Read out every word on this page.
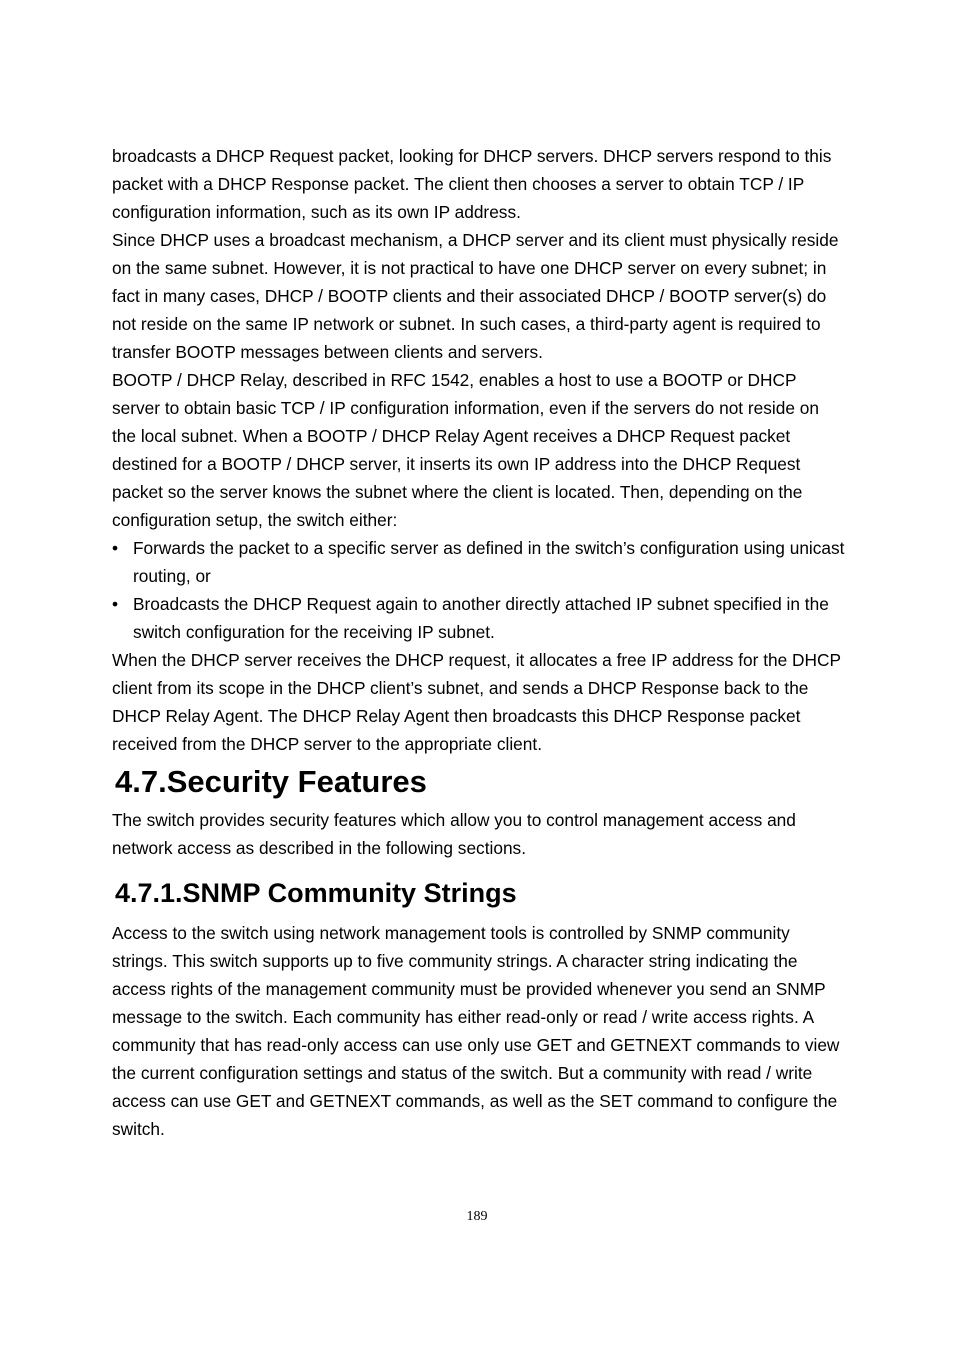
broadcasts a DHCP Request packet, looking for DHCP servers. DHCP servers respond to this packet with a DHCP Response packet. The client then chooses a server to obtain TCP / IP configuration information, such as its own IP address.

Since DHCP uses a broadcast mechanism, a DHCP server and its client must physically reside on the same subnet. However, it is not practical to have one DHCP server on every subnet; in fact in many cases, DHCP / BOOTP clients and their associated DHCP / BOOTP server(s) do not reside on the same IP network or subnet. In such cases, a third-party agent is required to transfer BOOTP messages between clients and servers.

BOOTP / DHCP Relay, described in RFC 1542, enables a host to use a BOOTP or DHCP server to obtain basic TCP / IP configuration information, even if the servers do not reside on the local subnet. When a BOOTP / DHCP Relay Agent receives a DHCP Request packet destined for a BOOTP / DHCP server, it inserts its own IP address into the DHCP Request packet so the server knows the subnet where the client is located. Then, depending on the configuration setup, the switch either:

• Forwards the packet to a specific server as defined in the switch’s configuration using unicast routing, or
• Broadcasts the DHCP Request again to another directly attached IP subnet specified in the switch configuration for the receiving IP subnet.

When the DHCP server receives the DHCP request, it allocates a free IP address for the DHCP client from its scope in the DHCP client’s subnet, and sends a DHCP Response back to the DHCP Relay Agent. The DHCP Relay Agent then broadcasts this DHCP Response packet received from the DHCP server to the appropriate client.

4.7.Security Features

The switch provides security features which allow you to control management access and network access as described in the following sections.

4.7.1.SNMP Community Strings

Access to the switch using network management tools is controlled by SNMP community strings. This switch supports up to five community strings. A character string indicating the access rights of the management community must be provided whenever you send an SNMP message to the switch. Each community has either read-only or read / write access rights. A community that has read-only access can use only use GET and GETNEXT commands to view the current configuration settings and status of the switch. But a community with read / write access can use GET and GETNEXT commands, as well as the SET command to configure the switch.

189
